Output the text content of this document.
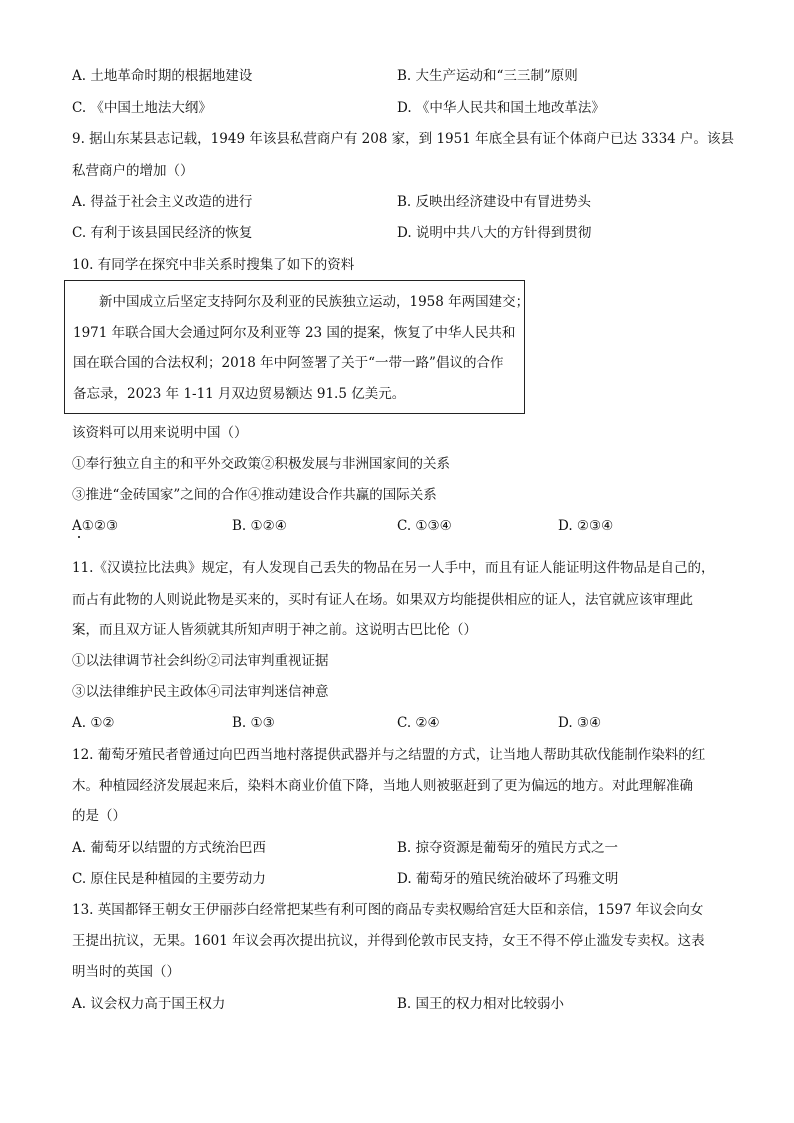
A. 土地革命时期的根据地建设	B. 大生产运动和“三三制”原则
C. 《中国土地法大纲》	D. 《中华人民共和国土地改革法》
9. 据山东某县志记载，1949 年该县私营商户有 208 家，到 1951 年底全县有证个体商户已达 3334 户。该县
私营商户的增加（）
A. 得益于社会主义改造的进行	B. 反映出经济建设中有冒进势头
C. 有利于该县国民经济的恢复	D. 说明中共八大的方针得到贯彻
10. 有同学在探究中非关系时搜集了如下的资料
新中国成立后坚定支持阿尔及利亚的民族独立运动，1958 年两国建交；
1971 年联合国大会通过阿尔及利亚等 23 国的提案，恢复了中华人民共和
国在联合国的合法权利；2018 年中阿签署了关于“一带一路”倡议的合作
备忘录，2023 年 1-11 月双边贸易额达 91.5 亿美元。
该资料可以用来说明中国（）
①奉行独立自主的和平外交政策②积极发展与非洲国家间的关系
③推进“金砖国家”之间的合作④推动建设合作共赢的国际关系
A①②③	B. ①②④	C. ①③④	D. ②③④
11.《汉谟拉比法典》规定，有人发现自己丢失的物品在另一人手中，而且有证人能证明这件物品是自己的，
而占有此物的人则说此物是买来的，买时有证人在场。如果双方均能提供相应的证人，法官就应该审理此
案，而且双方证人皆须就其所知声明于神之前。这说明古巴比伦（）
①以法律调节社会纠纷②司法审判重视证据
③以法律维护民主政体④司法审判迷信神意
A. ①②	B. ①③	C. ②④	D. ③④
12. 葡萄牙殖民者曾通过向巴西当地村落提供武器并与之结盟的方式，让当地人帮助其砍伐能制作染料的红
木。种植园经济发展起来后，染料木商业价值下降，当地人则被驱赶到了更为偏远的地方。对此理解准确
的是（）
A. 葡萄牙以结盟的方式统治巴西	B. 掠夺资源是葡萄牙的殖民方式之一
C. 原住民是种植园的主要劳动力	D. 葡萄牙的殖民统治破坏了玛雅文明
13. 英国都铎王朝女王伊丽莎白经常把某些有利可图的商品专卖权赐给宫廷大臣和亲信，1597 年议会向女
王提出抗议，无果。1601 年议会再次提出抗议，并得到伦敦市民支持，女王不得不停止滥发专卖权。这表
明当时的英国（）
A. 议会权力高于国王权力	B. 国王的权力相对比较弱小
